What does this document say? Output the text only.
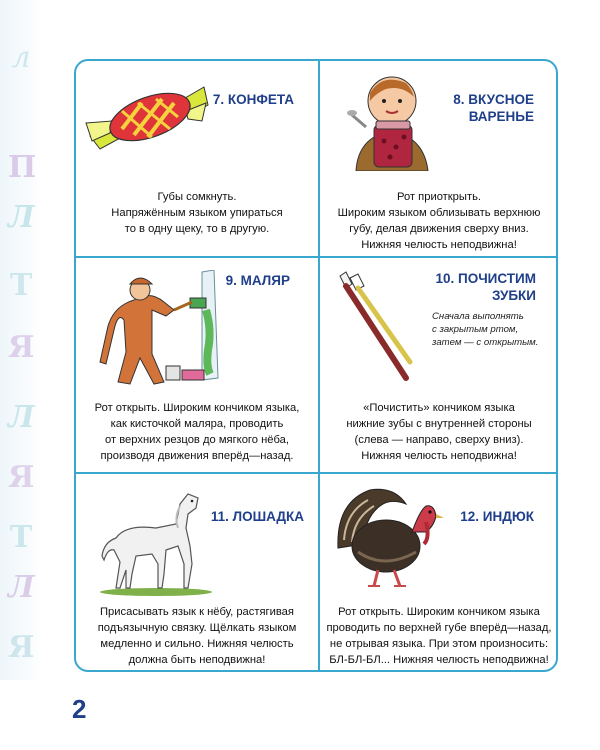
л
П
Л
Т
Я
Л
Я
Т
Л
Я
7. КОНФЕТА
Губы сомкнуть.
Напряжённым языком упираться
то в одну щеку, то в другую.
8. ВКУСНОЕ
ВАРЕНЬЕ
Рот приоткрыть.
Широким языком облизывать верхнюю
губу, делая движения сверху вниз.
Нижняя челюсть неподвижна!
9. МАЛЯР
Рот открыть. Широким кончиком языка,
как кисточкой маляра, проводить
от верхних резцов до мягкого нёба,
производя движения вперёд—назад.
10. ПОЧИСТИМ
ЗУБКИ
Сначала выполнять
с закрытым ртом,
затем — с открытым.
«Почистить» кончиком языка
нижние зубы с внутренней стороны
(слева — направо, сверху вниз).
Нижняя челюсть неподвижна!
11. ЛОШАДКА
Присасывать язык к нёбу, растягивая
подъязычную связку. Щёлкать языком
медленно и сильно. Нижняя челюсть
должна быть неподвижна!
12. ИНДЮК
Рот открыть. Широким кончиком языка
проводить по верхней губе вперёд—назад,
не отрывая языка. При этом произносить:
БЛ-БЛ-БЛ... Нижняя челюсть неподвижна!
2
